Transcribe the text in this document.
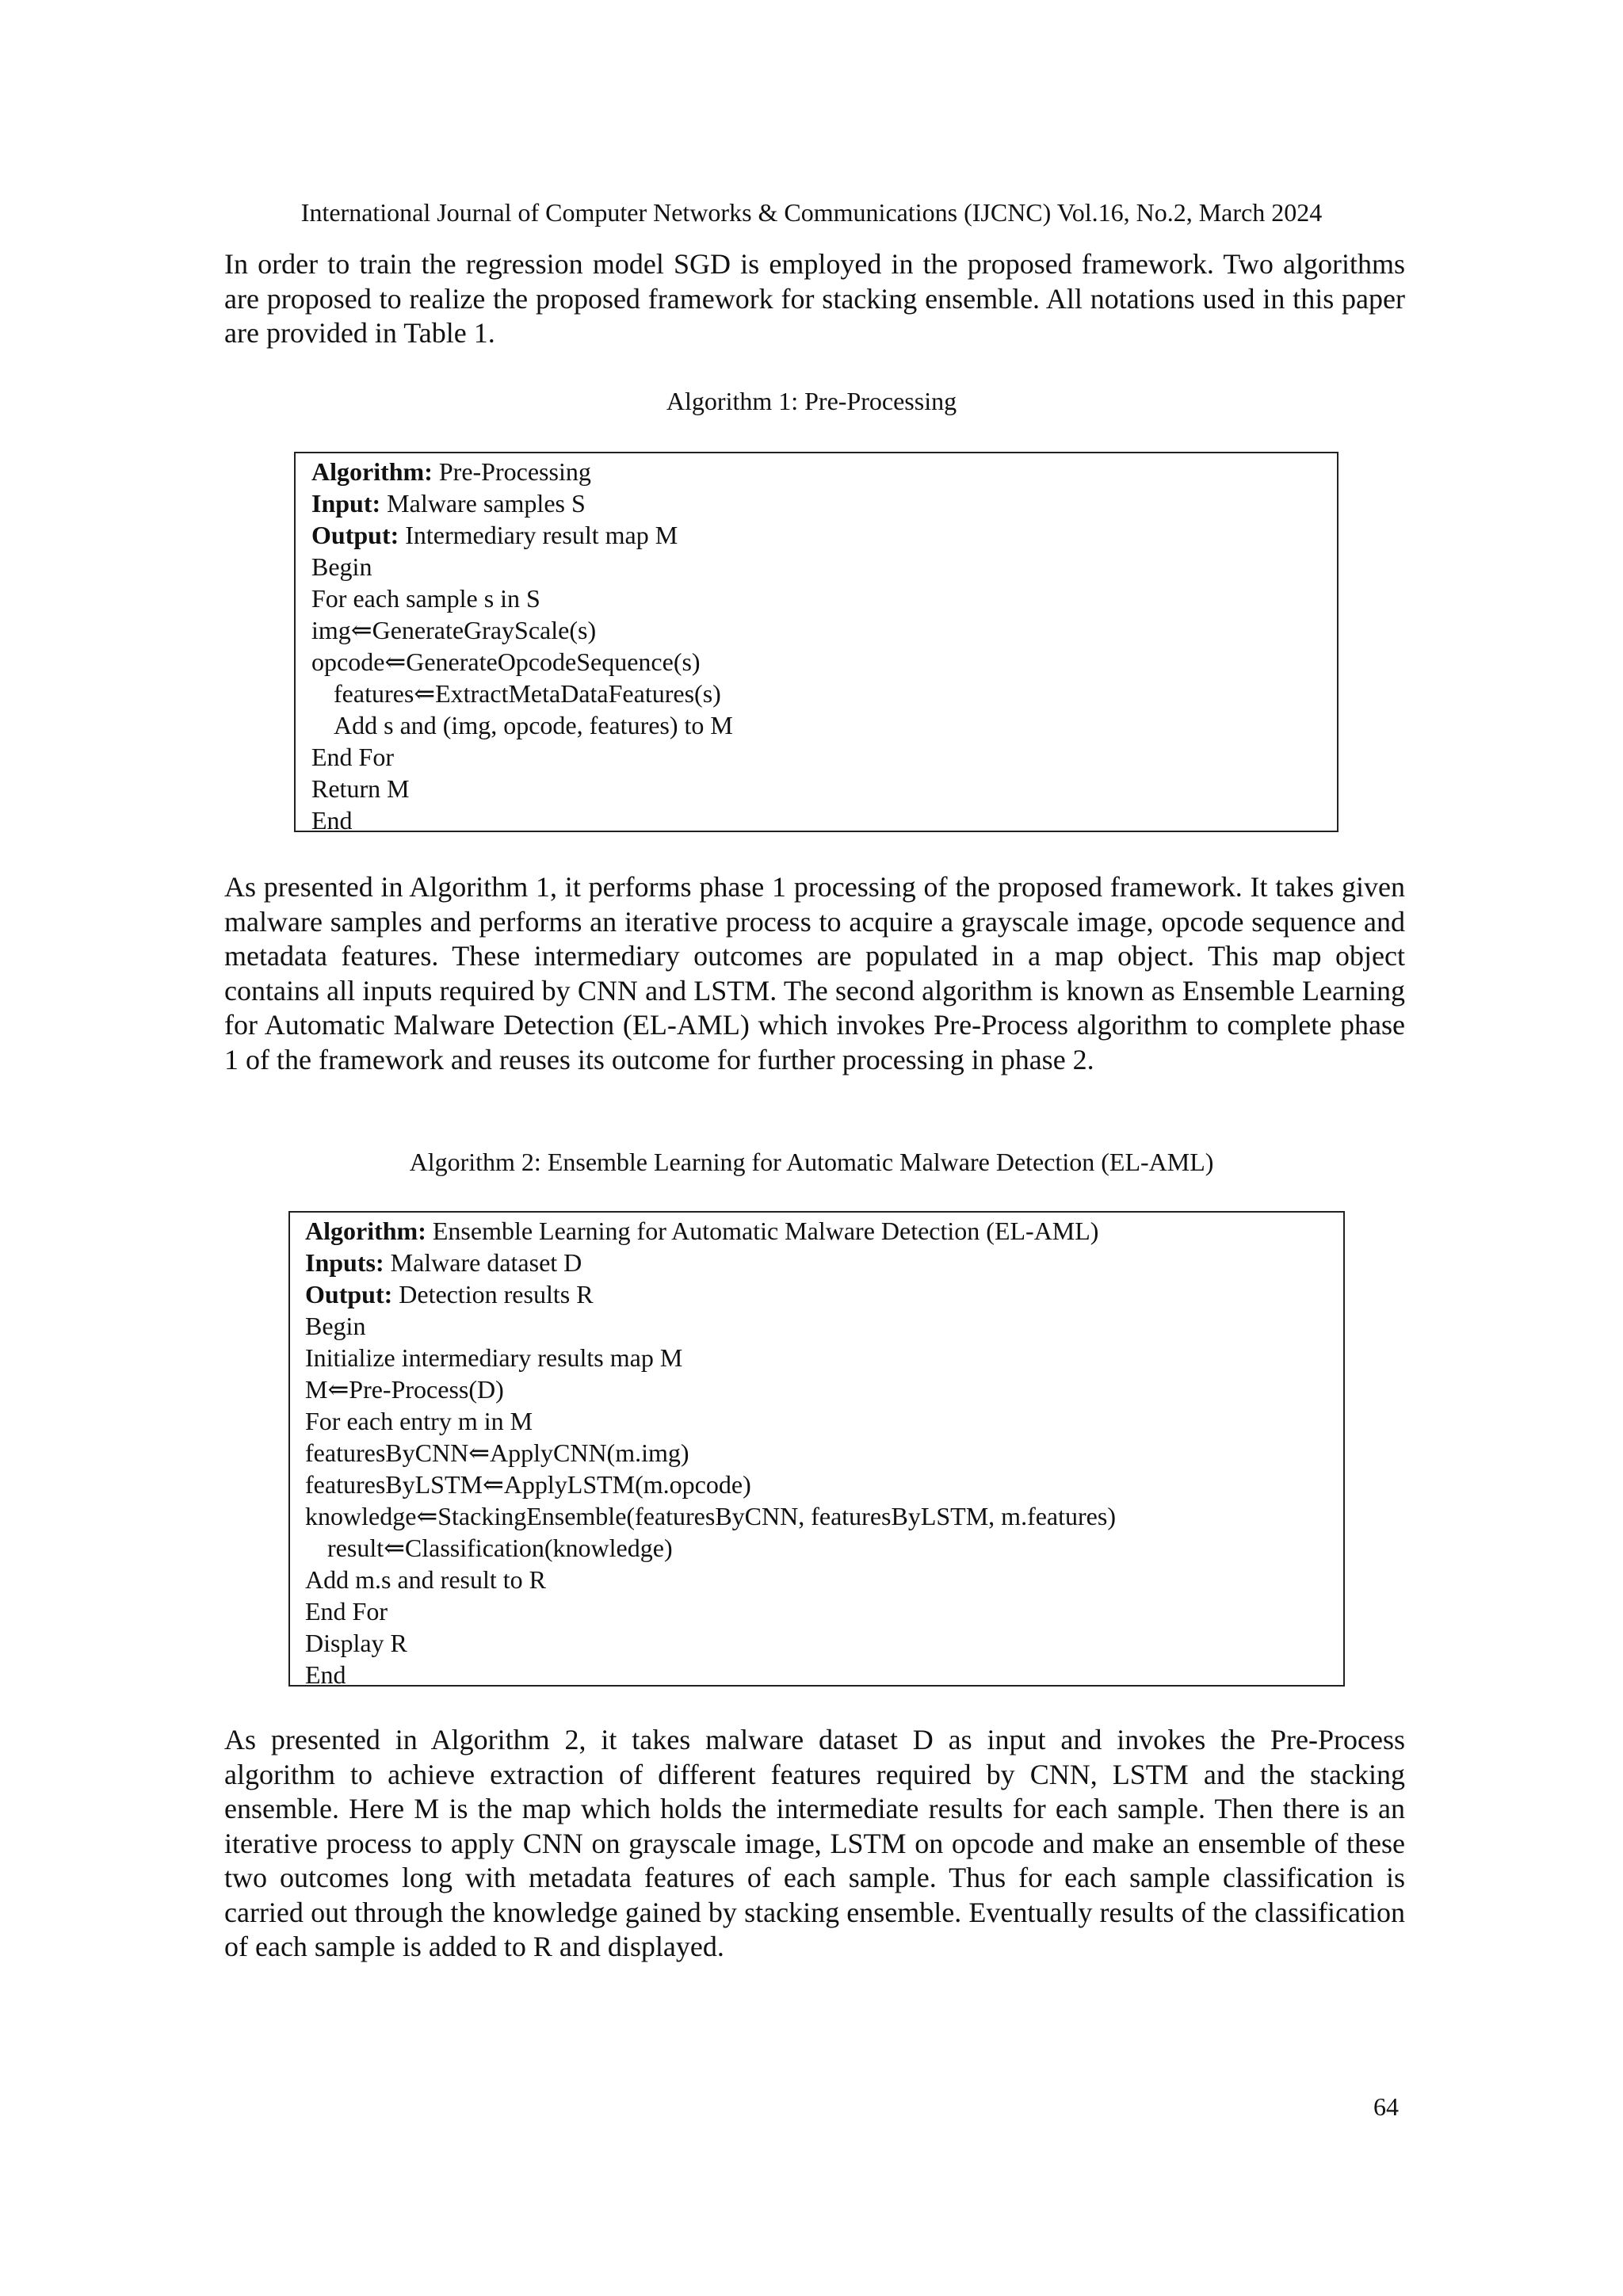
International Journal of Computer Networks & Communications (IJCNC) Vol.16, No.2, March 2024

In order to train the regression model SGD is employed in the proposed framework. Two algorithms are proposed to realize the proposed framework for stacking ensemble. All notations used in this paper are provided in Table 1.

Algorithm 1: Pre-Processing
Algorithm: Pre-Processing
Input: Malware samples S
Output: Intermediary result map M
Begin
For each sample s in S
img⇐GenerateGrayScale(s)
opcode⇐GenerateOpcodeSequence(s)
features⇐ExtractMetaDataFeatures(s)
Add s and (img, opcode, features) to M
End For
Return M
End

As presented in Algorithm 1, it performs phase 1 processing of the proposed framework. It takes given malware samples and performs an iterative process to acquire a grayscale image, opcode sequence and metadata features. These intermediary outcomes are populated in a map object. This map object contains all inputs required by CNN and LSTM. The second algorithm is known as Ensemble Learning for Automatic Malware Detection (EL-AML) which invokes Pre-Process algorithm to complete phase 1 of the framework and reuses its outcome for further processing in phase 2.

Algorithm 2: Ensemble Learning for Automatic Malware Detection (EL-AML)
Algorithm: Ensemble Learning for Automatic Malware Detection (EL-AML)
Inputs: Malware dataset D
Output: Detection results R
Begin
Initialize intermediary results map M
M⇐Pre-Process(D)
For each entry m in M
featuresByCNN⇐ApplyCNN(m.img)
featuresByLSTM⇐ApplyLSTM(m.opcode)
knowledge⇐StackingEnsemble(featuresByCNN, featuresByLSTM, m.features)
result⇐Classification(knowledge)
Add m.s and result to R
End For
Display R
End

As presented in Algorithm 2, it takes malware dataset D as input and invokes the Pre-Process algorithm to achieve extraction of different features required by CNN, LSTM and the stacking ensemble. Here M is the map which holds the intermediate results for each sample. Then there is an iterative process to apply CNN on grayscale image, LSTM on opcode and make an ensemble of these two outcomes long with metadata features of each sample. Thus for each sample classification is carried out through the knowledge gained by stacking ensemble. Eventually results of the classification of each sample is added to R and displayed.

64
